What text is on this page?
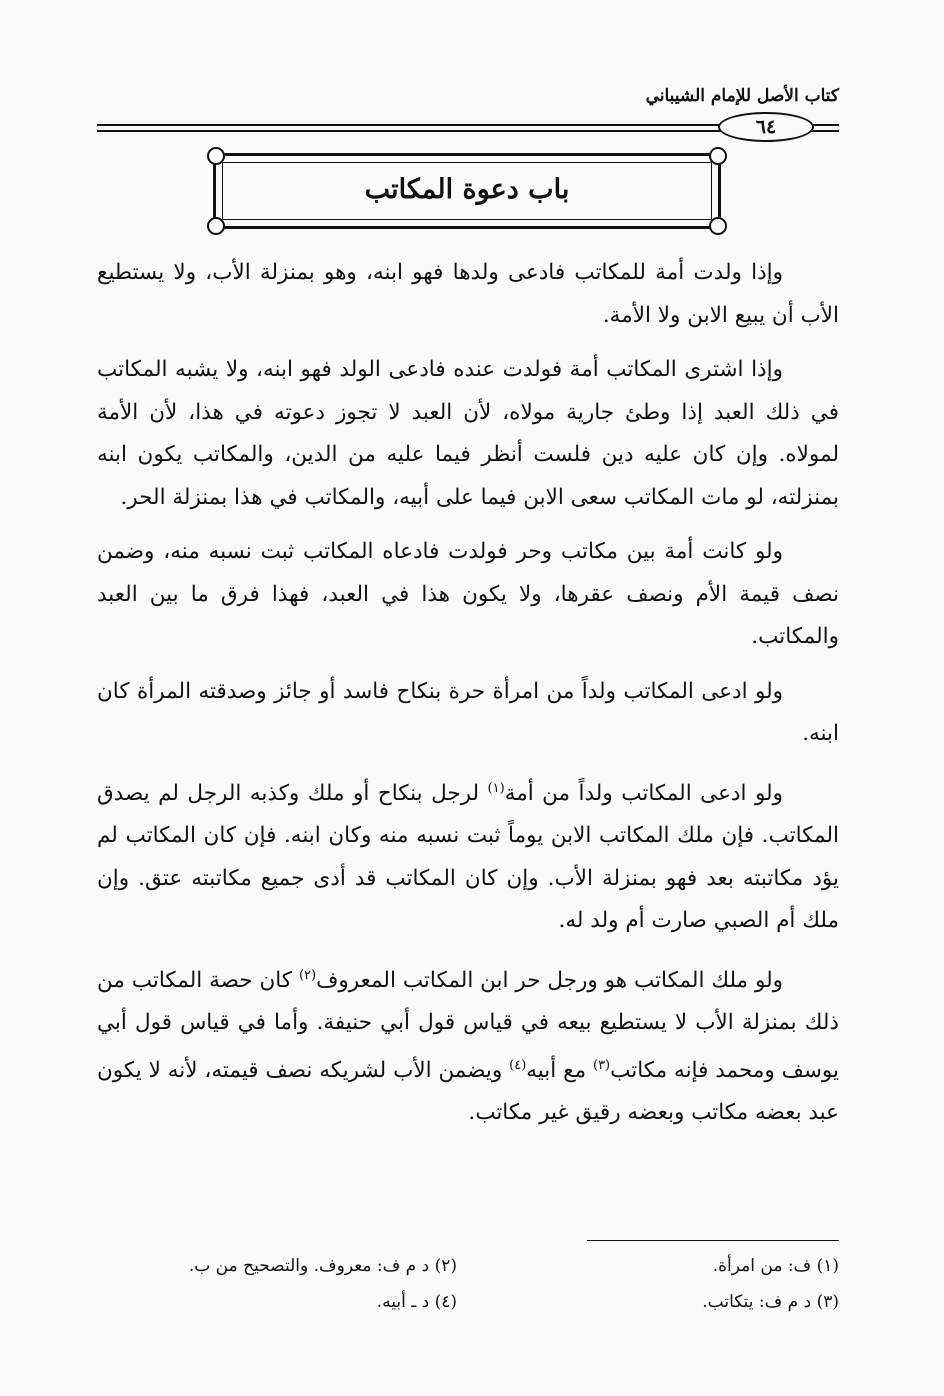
كتاب الأصل للإمام الشيباني
٦٤
باب دعوة المكاتب

وإذا ولدت أمة للمكاتب فادعى ولدها فهو ابنه، وهو بمنزلة الأب، ولا يستطيع الأب أن يبيع الابن ولا الأمة.

وإذا اشترى المكاتب أمة فولدت عنده فادعى الولد فهو ابنه، ولا يشبه المكاتب في ذلك العبد إذا وطئ جارية مولاه، لأن العبد لا تجوز دعوته في هذا، لأن الأمة لمولاه. وإن كان عليه دين فلست أنظر فيما عليه من الدين، والمكاتب يكون ابنه بمنزلته، لو مات المكاتب سعى الابن فيما على أبيه، والمكاتب في هذا بمنزلة الحر.

ولو كانت أمة بين مكاتب وحر فولدت فادعاه المكاتب ثبت نسبه منه، وضمن نصف قيمة الأم ونصف عقرها، ولا يكون هذا في العبد، فهذا فرق ما بين العبد والمكاتب.

ولو ادعى المكاتب ولداً من امرأة حرة بنكاح فاسد أو جائز وصدقته المرأة كان ابنه.

ولو ادعى المكاتب ولداً من أمة$^{(١)}$ لرجل بنكاح أو ملك وكذبه الرجل لم يصدق المكاتب. فإن ملك المكاتب الابن يوماً ثبت نسبه منه وكان ابنه. فإن كان المكاتب لم يؤد مكاتبته بعد فهو بمنزلة الأب. وإن كان المكاتب قد أدى جميع مكاتبته عتق. وإن ملك أم الصبي صارت أم ولد له.

ولو ملك المكاتب هو ورجل حر ابن المكاتب المعروف$^{(٢)}$ كان حصة المكاتب من ذلك بمنزلة الأب لا يستطيع بيعه في قياس قول أبي حنيفة. وأما في قياس قول أبي يوسف ومحمد فإنه مكاتب$^{(٣)}$ مع أبيه$^{(٤)}$ ويضمن الأب لشريكه نصف قيمته، لأنه لا يكون عبد بعضه مكاتب وبعضه رقيق غير مكاتب.

(١) ف: من امرأة.
(٢) د م ف: معروف. والتصحيح من ب.
(٣) د م ف: يتكاتب.
(٤) د ـ أبيه.
